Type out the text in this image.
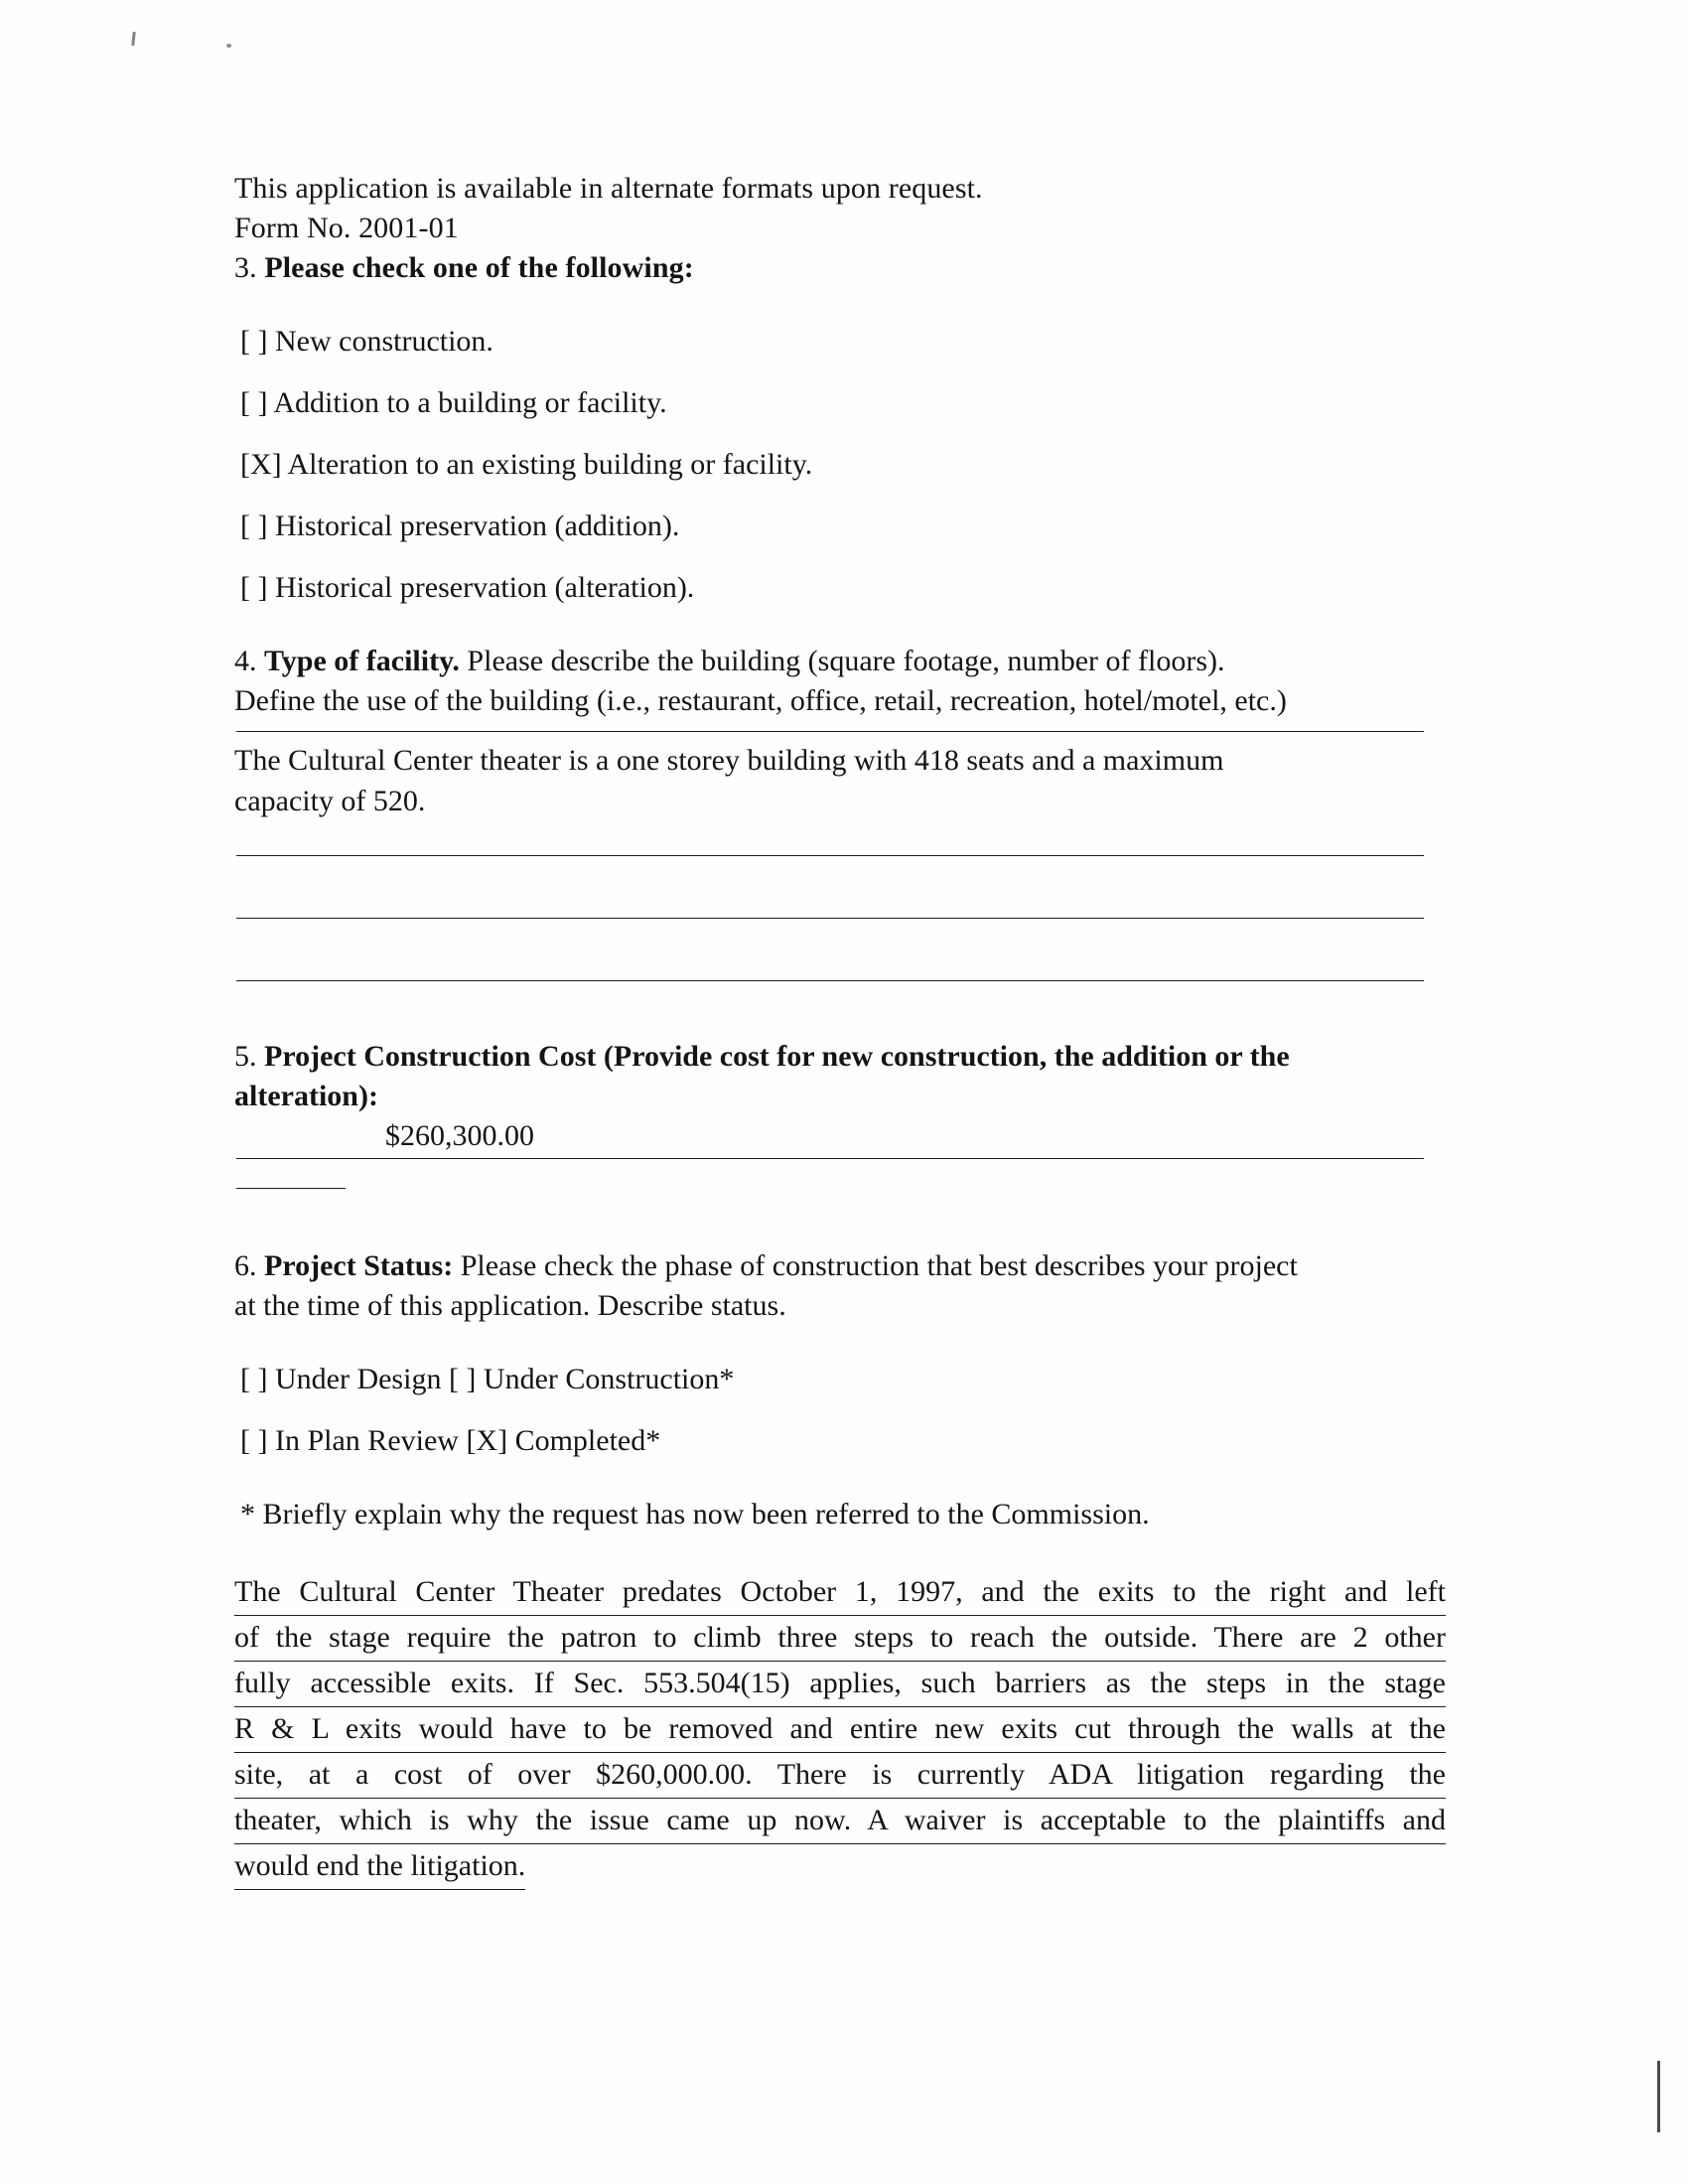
This application is available in alternate formats upon request.
Form No. 2001-01
3. Please check one of the following:
[ ] New construction.
[ ] Addition to a building or facility.
[X] Alteration to an existing building or facility.
[ ] Historical preservation (addition).
[ ] Historical preservation (alteration).
4. Type of facility. Please describe the building (square footage, number of floors).
Define the use of the building (i.e., restaurant, office, retail, recreation, hotel/motel, etc.)
The Cultural Center theater is a one storey building with 418 seats and a maximum
capacity of 520.
5. Project Construction Cost (Provide cost for new construction, the addition or the
alteration):
$260,300.00
6. Project Status: Please check the phase of construction that best describes your project
at the time of this application. Describe status.
[ ] Under Design [ ] Under Construction*
[ ] In Plan Review [X] Completed*
* Briefly explain why the request has now been referred to the Commission.
The Cultural Center Theater predates October 1, 1997, and the exits to the right and left
of the stage require the patron to climb three steps to reach the outside. There are 2 other
fully accessible exits. If Sec. 553.504(15) applies, such barriers as the steps in the stage
R & L exits would have to be removed and entire new exits cut through the walls at the
site, at a cost of over $260,000.00. There is currently ADA litigation regarding the
theater, which is why the issue came up now. A waiver is acceptable to the plaintiffs and
would end the litigation.
